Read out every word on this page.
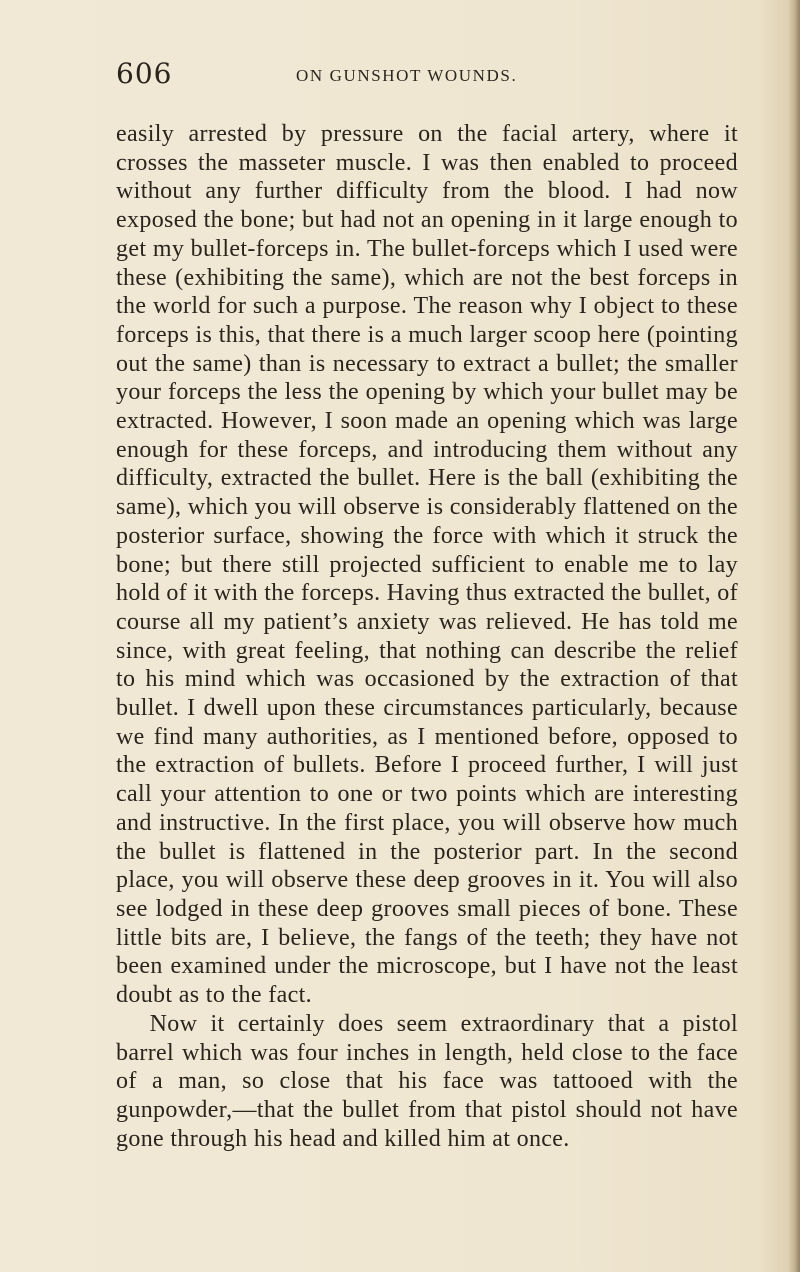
606	ON GUNSHOT WOUNDS.

easily arrested by pressure on the facial artery, where it crosses the masseter muscle. I was then enabled to proceed without any further difficulty from the blood. I had now exposed the bone; but had not an opening in it large enough to get my bullet-forceps in. The bullet-forceps which I used were these (exhibiting the same), which are not the best forceps in the world for such a purpose. The reason why I object to these forceps is this, that there is a much larger scoop here (pointing out the same) than is necessary to extract a bullet; the smaller your forceps the less the opening by which your bullet may be extracted. However, I soon made an opening which was large enough for these forceps, and introducing them without any difficulty, extracted the bullet. Here is the ball (exhibiting the same), which you will observe is considerably flattened on the posterior surface, showing the force with which it struck the bone; but there still projected sufficient to enable me to lay hold of it with the forceps. Having thus extracted the bullet, of course all my patient’s anxiety was relieved. He has told me since, with great feeling, that nothing can describe the relief to his mind which was occasioned by the extraction of that bullet. I dwell upon these circumstances particularly, because we find many authorities, as I mentioned before, opposed to the extraction of bullets. Before I proceed further, I will just call your attention to one or two points which are interesting and instructive. In the first place, you will observe how much the bullet is flattened in the posterior part. In the second place, you will observe these deep grooves in it. You will also see lodged in these deep grooves small pieces of bone. These little bits are, I believe, the fangs of the teeth; they have not been examined under the microscope, but I have not the least doubt as to the fact.

Now it certainly does seem extraordinary that a pistol barrel which was four inches in length, held close to the face of a man, so close that his face was tattooed with the gunpowder,—that the bullet from that pistol should not have gone through his head and killed him at once.
